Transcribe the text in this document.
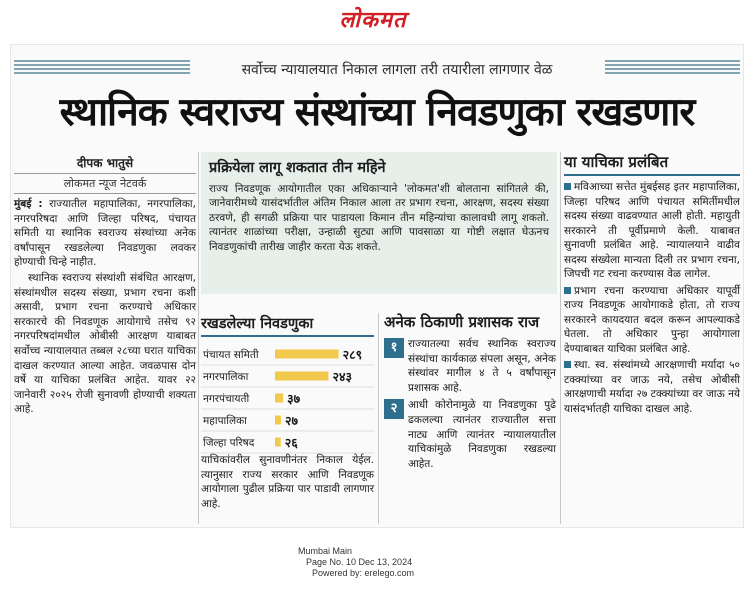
लोकमत
सर्वोच्च न्यायालयात निकाल लागला तरी तयारीला लागणार वेळ
स्थानिक स्वराज्य संस्थांच्या निवडणुका रखडणार
दीपक भातुसे
लोकमत न्यूज नेटवर्क

मुंबई : राज्यातील महापालिका, नगरपालिका, नगरपरिषदा आणि जिल्हा परिषद, पंचायत समिती या स्थानिक स्वराज्य संस्थांच्या अनेक वर्षांपासून रखडलेल्या निवडणुका लवकर होण्याची चिन्हे नाहीत.

स्थानिक स्वराज्य संस्थांशी संबंधित आरक्षण, संस्थांमधील सदस्य संख्या, प्रभाग रचना कशी असावी, प्रभाग रचना करण्याचे अधिकार सरकारचे की निवडणूक आयोगाचे तसेच ९२ नगरपरिषदांमधील ओबीसी आरक्षण याबाबत सर्वोच्च न्यायालयात तब्बल २८च्या घरात याचिका दाखल करण्यात आल्या आहेत. जवळपास दोन वर्षे या याचिका प्रलंबित आहेत. यावर २२ जानेवारी २०२५ रोजी सुनावणी होण्याची शक्यता आहे.

प्रक्रियेला लागू शकतात तीन महिने
राज्य निवडणूक आयोगातील एका अधिकाऱ्याने 'लोकमत'शी बोलताना सांगितले की, जानेवारीमध्ये यासंदर्भातील अंतिम निकाल आला तर प्रभाग रचना, आरक्षण, सदस्य संख्या ठरवणे, ही सगळी प्रक्रिया पार पाडायला किमान तीन महिन्यांचा कालावधी लागू शकतो. त्यानंतर शाळांच्या परीक्षा, उन्हाळी सुट्या आणि पावसाळा या गोष्टी लक्षात घेऊनच निवडणुकांची तारीख जाहीर करता येऊ शकते.
रखडलेल्या निवडणुका
पंचायत समिती	२८९
नगरपालिका	२४३
नगरपंचायती	३७
महापालिका	२७
जिल्हा परिषद २६
याचिकांवरील सुनावणीनंतर निकाल येईल. त्यानुसार राज्य सरकार आणि निवडणूक आयोगाला पुढील प्रक्रिया पार पाडावी लागणार आहे.
अनेक ठिकाणी प्रशासक राज
१	राज्यातल्या सर्वच स्थानिक स्वराज्य संस्थांचा कार्यकाळ संपला असून, अनेक संस्थांवर मागील ४ ते ५ वर्षांपासून प्रशासक आहे.
२	आधी कोरोनामुळे या निवडणुका पुढे ढकलल्या त्यानंतर राज्यातील सत्ता नाट्य आणि त्यानंतर न्यायालयातील याचिकांमुळे निवडणुका रखडल्या आहेत.
या याचिका प्रलंबित
मविआच्या सत्तेत मुंबईसह इतर महापालिका, जिल्हा परिषद आणि पंचायत समितींमधील सदस्य संख्या वाढवण्यात आली होती. महायुती सरकारने ती पूर्वीप्रमाणे केली. याबाबत सुनावणी प्रलंबित आहे. न्यायालयाने वाढीव सदस्य संख्येला मान्यता दिली तर प्रभाग रचना, जिपची गट रचना करण्यास वेळ लागेल.
प्रभाग रचना करण्याचा अधिकार यापूर्वी राज्य निवडणूक आयोगाकडे होता, तो राज्य सरकारने कायदयात बदल करून आपल्याकडे घेतला. तो अधिकार पुन्हा आयोगाला देण्याबाबत याचिका प्रलंबित आहे.
स्था. स्व. संस्थांमध्ये आरक्षणाची मर्यादा ५० टक्क्यांच्या वर जाऊ नये, तसेच ओबीसी आरक्षणाची मर्यादा २७ टक्क्यांच्या वर जाऊ नये यासंदर्भातही याचिका दाखल आहे.
Mumbai Main
Page No. 10 Dec 13, 2024
Powered by: erelego.com
